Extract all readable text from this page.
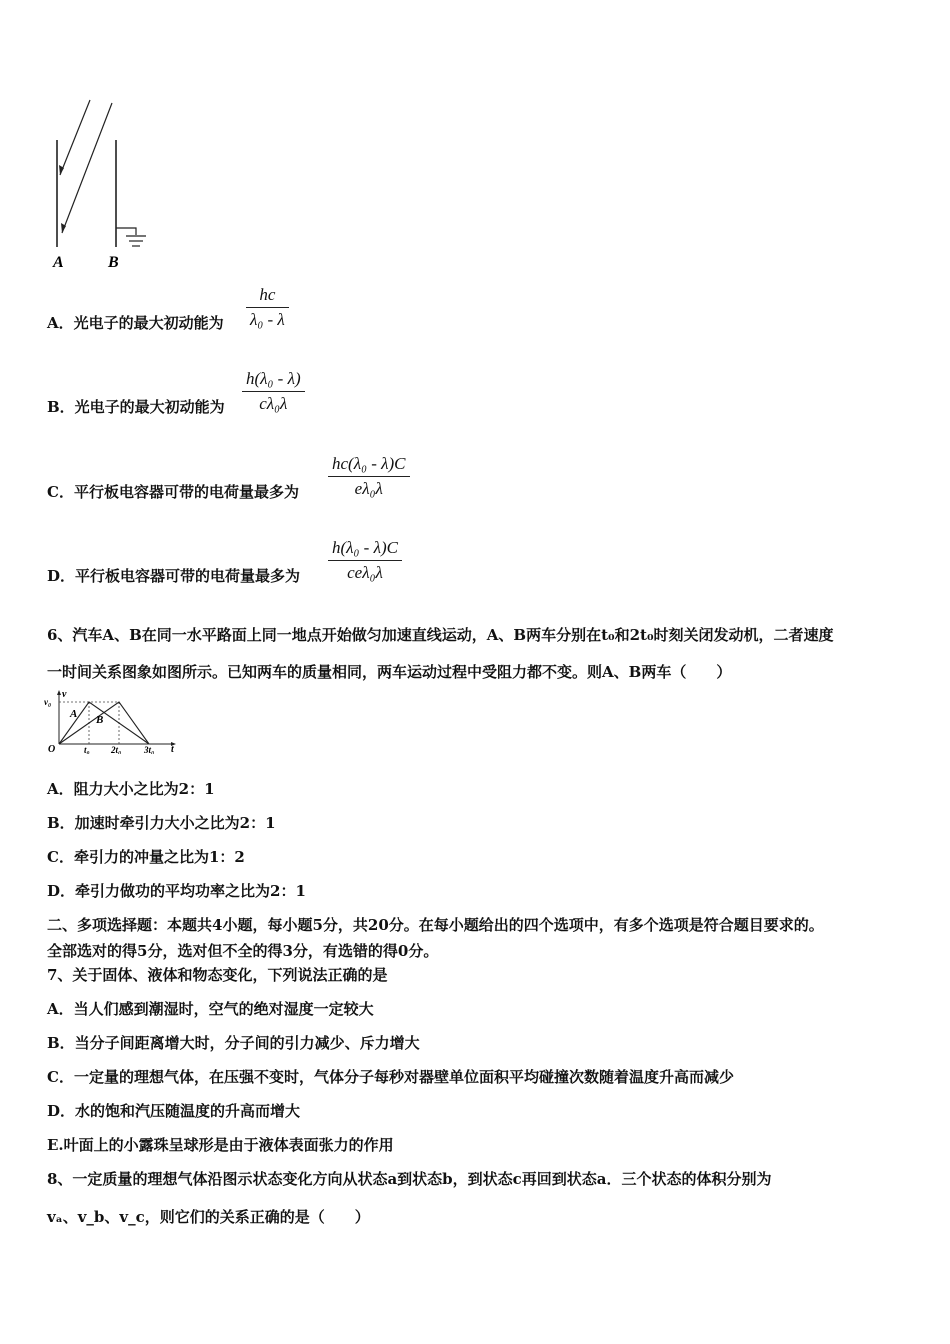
A	B
A．光电子的最大初动能为
hc
λ₀ - λ
B．光电子的最大初动能为
h(λ₀ - λ)
cλ₀λ
C．平行板电容器可带的电荷量最多为
hc(λ₀ - λ)C
eλ₀λ
D．平行板电容器可带的电荷量最多为
h(λ₀ - λ)C
ceλ₀λ
6、汽车A、B在同一水平路面上同一地点开始做匀加速直线运动，A、B两车分别在t₀和2t₀时刻关闭发动机，二者速度
一时间关系图象如图所示。已知两车的质量相同，两车运动过程中受阻力都不变。则A、B两车（　　）
v
t
O
v₀
t₀ 2t₀	3t₀
A B
A．阻力大小之比为2：1
B．加速时牵引力大小之比为2：1
C．牵引力的冲量之比为1：2
D．牵引力做功的平均功率之比为2：1
二、多项选择题：本题共4小题，每小题5分，共20分。在每小题给出的四个选项中，有多个选项是符合题目要求的。
全部选对的得5分，选对但不全的得3分，有选错的得0分。
7、关于固体、液体和物态变化，下列说法正确的是
A．当人们感到潮湿时，空气的绝对湿度一定较大
B．当分子间距离增大时，分子间的引力减少、斥力增大
C．一定量的理想气体，在压强不变时，气体分子每秒对器壁单位面积平均碰撞次数随着温度升高而减少
D．水的饱和汽压随温度的升高而增大
E.叶面上的小露珠呈球形是由于液体表面张力的作用
8、一定质量的理想气体沿图示状态变化方向从状态a到状态b，到状态c再回到状态a．三个状态的体积分别为
vₐ、v_b、v_c，则它们的关系正确的是（　　）
